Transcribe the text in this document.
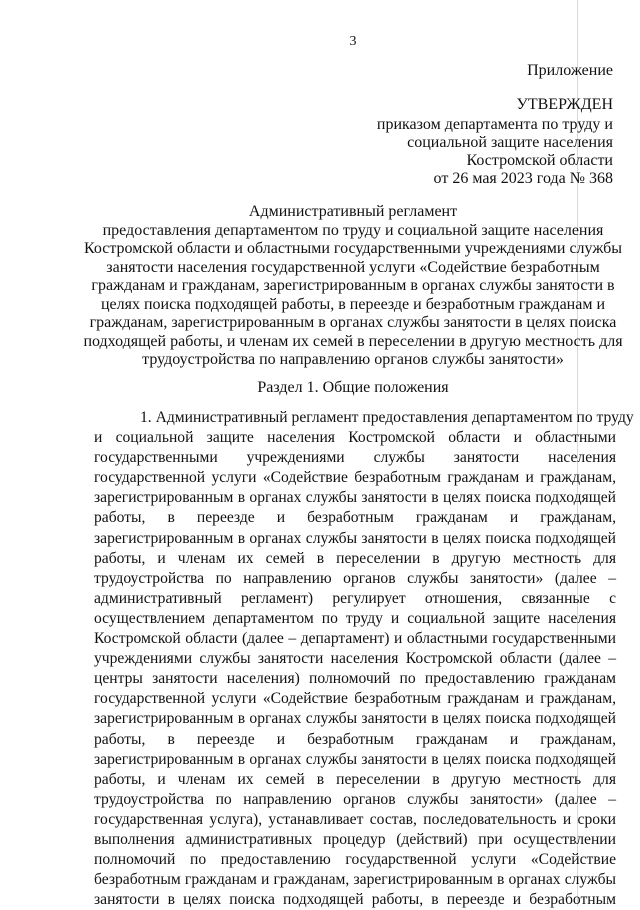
3
Приложение
УТВЕРЖДЕН
приказом департамента по труду и
социальной защите населения
Костромской области
от 26 мая 2023 года № 368
Административный регламент
предоставления департаментом по труду и социальной защите населения
Костромской области и областными государственными учреждениями службы
занятости населения государственной услуги «Содействие безработным
гражданам и гражданам, зарегистрированным в органах службы занятости в
целях поиска подходящей работы, в переезде и безработным гражданам и
гражданам, зарегистрированным в органах службы занятости в целях поиска
подходящей работы, и членам их семей в переселении в другую местность для
трудоустройства по направлению органов службы занятости»
Раздел 1. Общие положения
1. Административный регламент предоставления департаментом по труду
и социальной защите населения Костромской области и областными
государственными учреждениями службы занятости населения
государственной услуги «Содействие безработным гражданам и гражданам,
зарегистрированным в органах службы занятости в целях поиска подходящей
работы, в переезде и безработным гражданам и гражданам,
зарегистрированным в органах службы занятости в целях поиска подходящей
работы, и членам их семей в переселении в другую местность для
трудоустройства по направлению органов службы занятости» (далее –
административный регламент) регулирует отношения, связанные с
осуществлением департаментом по труду и социальной защите населения
Костромской области (далее – департамент) и областными государственными
учреждениями службы занятости населения Костромской области (далее –
центры занятости населения) полномочий по предоставлению гражданам
государственной услуги «Содействие безработным гражданам и гражданам,
зарегистрированным в органах службы занятости в целях поиска подходящей
работы, в переезде и безработным гражданам и гражданам,
зарегистрированным в органах службы занятости в целях поиска подходящей
работы, и членам их семей в переселении в другую местность для
трудоустройства по направлению органов службы занятости» (далее –
государственная услуга), устанавливает состав, последовательность и сроки
выполнения административных процедур (действий) при осуществлении
полномочий по предоставлению государственной услуги «Содействие
безработным гражданам и гражданам, зарегистрированным в органах службы
занятости в целях поиска подходящей работы, в переезде и безработным
